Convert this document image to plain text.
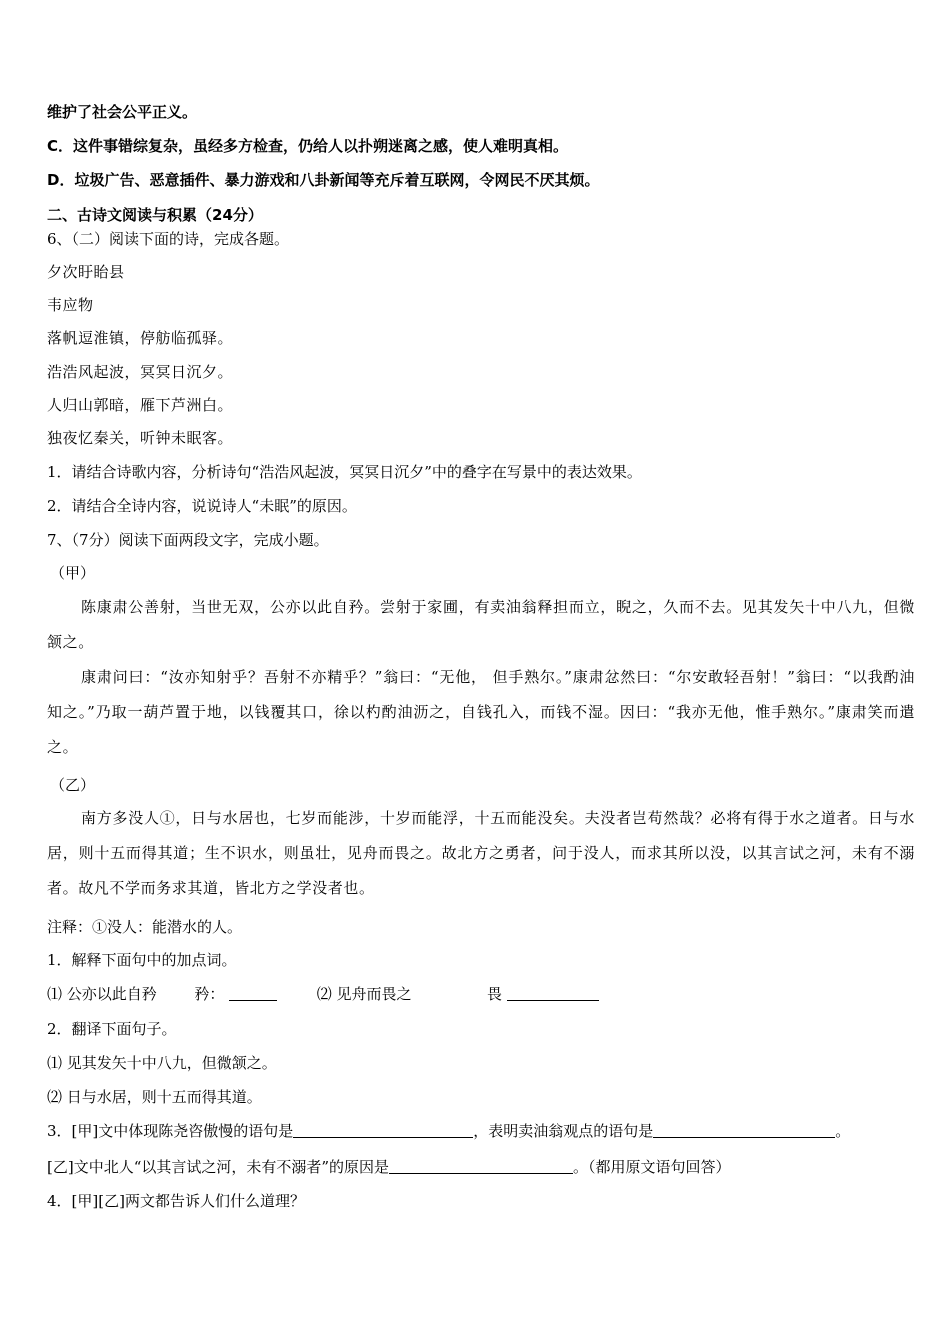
维护了社会公平正义。
C．这件事错综复杂，虽经多方检查，仍给人以扑朔迷离之感，使人难明真相。
D．垃圾广告、恶意插件、暴力游戏和八卦新闻等充斥着互联网，令网民不厌其烦。
二、古诗文阅读与积累（24分）
6、（二）阅读下面的诗，完成各题。
夕次盱眙县
韦应物
落帆逗淮镇，停舫临孤驿。
浩浩风起波，冥冥日沉夕。
人归山郭暗，雁下芦洲白。
独夜忆秦关，听钟未眠客。
1．请结合诗歌内容，分析诗句“浩浩风起波，冥冥日沉夕”中的叠字在写景中的表达效果。
2．请结合全诗内容，说说诗人“未眠”的原因。
7、（7分）阅读下面两段文字，完成小题。
（甲）
陈康肃公善射，当世无双，公亦以此自矜。尝射于家圃，有卖油翁释担而立，睨之，久而不去。见其发矢十中八九，但微颔之。
康肃问曰：“汝亦知射乎？吾射不亦精乎？”翁曰：“无他， 但手熟尔。”康肃忿然曰：“尔安敢轻吾射！”翁曰：“以我酌油知之。”乃取一葫芦置于地，以钱覆其口，徐以杓酌油沥之，自钱孔入，而钱不湿。因曰：“我亦无他，惟手熟尔。”康肃笑而遣之。
（乙）
南方多没人①，日与水居也，七岁而能涉，十岁而能浮，十五而能没矣。夫没者岂苟然哉？必将有得于水之道者。日与水居，则十五而得其道；生不识水，则虽壮，见舟而畏之。故北方之勇者，问于没人，而求其所以没，以其言试之河，未有不溺者。故凡不学而务求其道，皆北方之学没者也。
注释：①没人：能潜水的人。
1．解释下面句中的加点词。
⑴ 公亦以此自矜	矜：	⑵ 见舟而畏之	畏
2．翻译下面句子。
⑴ 见其发矢十中八九，但微颔之。
⑵ 日与水居，则十五而得其道。
3．[甲]文中体现陈尧咨傲慢的语句是	，表明卖油翁观点的语句是	。
[乙]文中北人“以其言试之河，未有不溺者”的原因是	。（都用原文语句回答）
4．[甲][乙]两文都告诉人们什么道理？
